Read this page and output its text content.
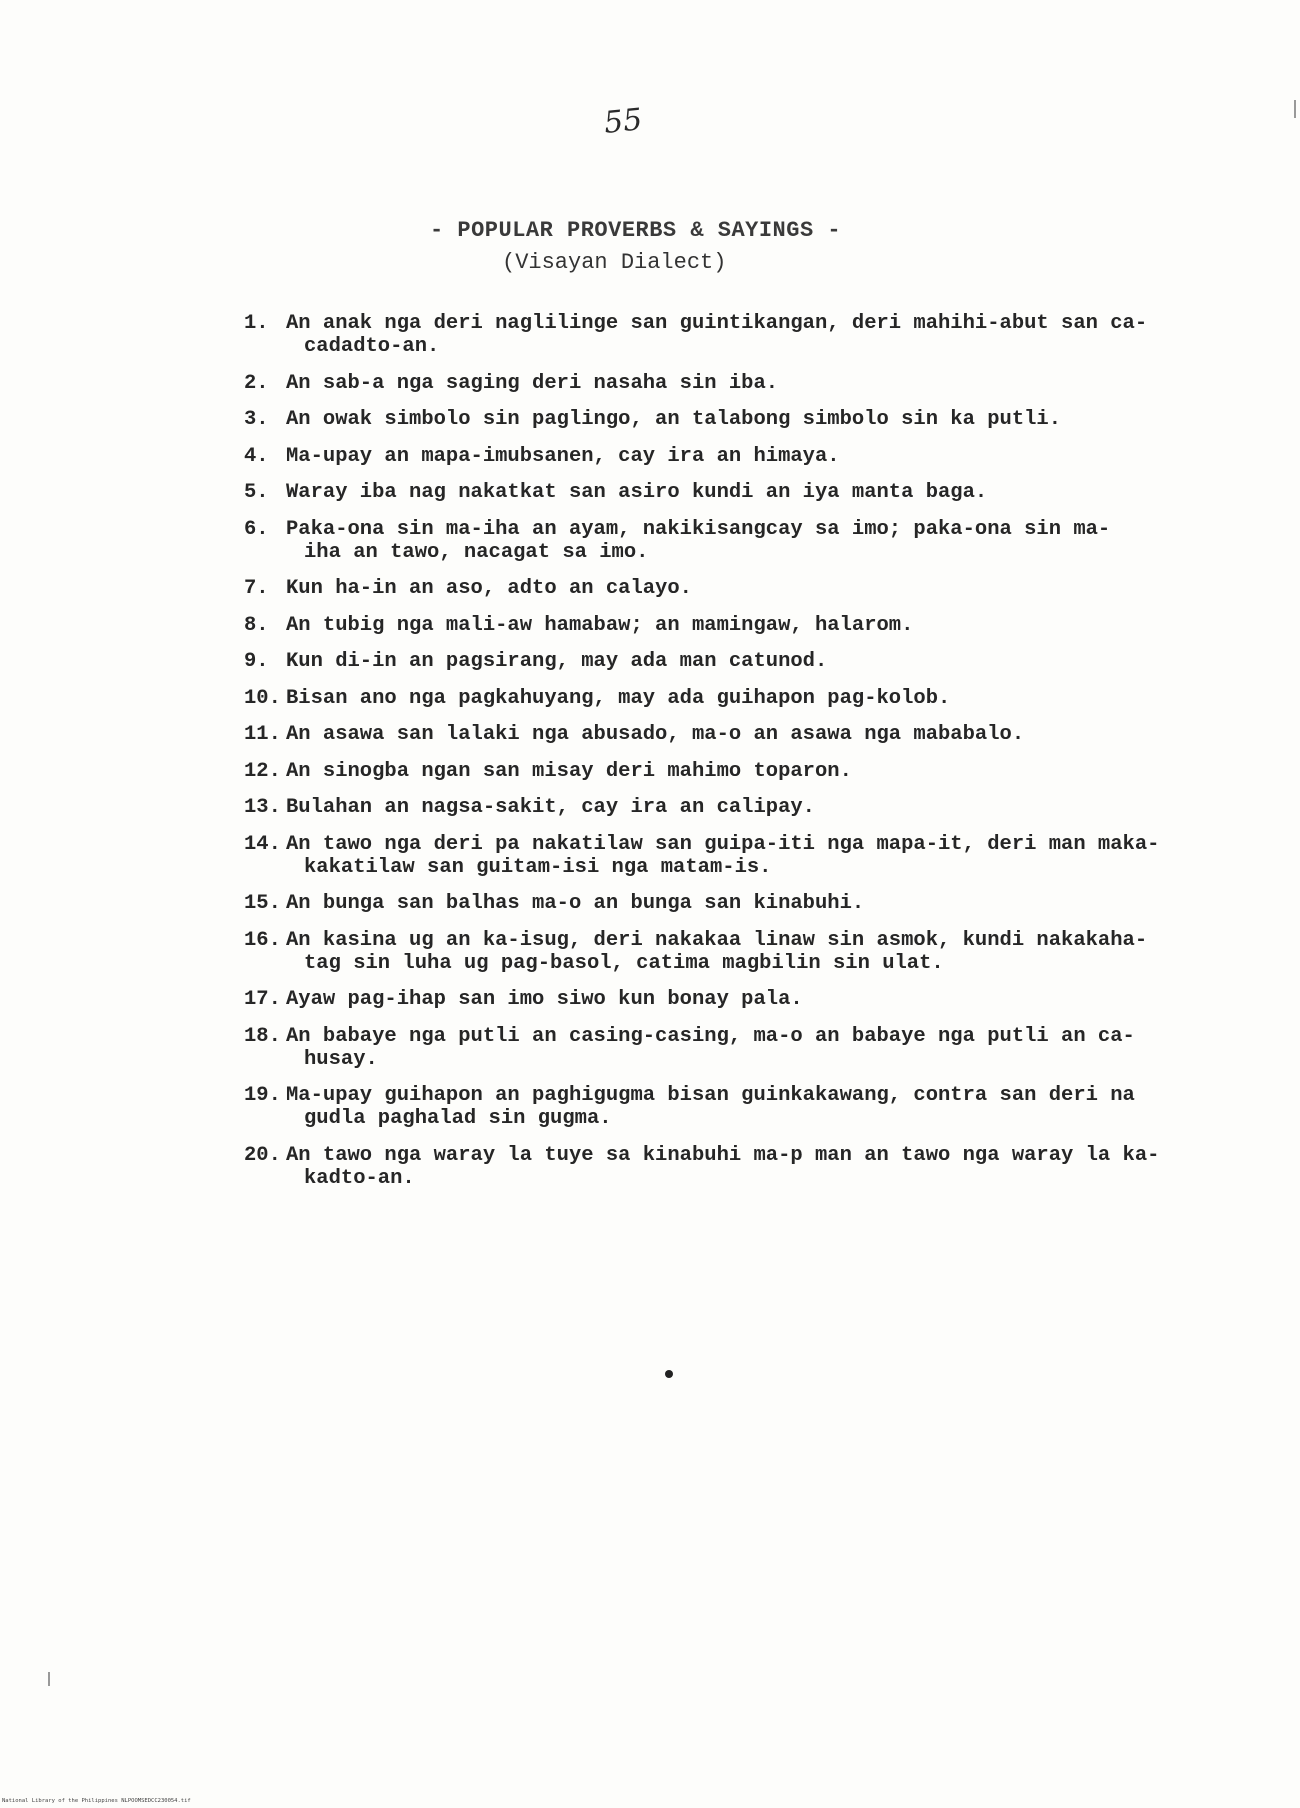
55
- POPULAR PROVERBS & SAYINGS -
(Visayan Dialect)
1. An anak nga deri naglilinge san guintikangan, deri mahihi-abut san ca-
cadadto-an.
2. An sab-a nga saging deri nasaha sin iba.
3. An owak simbolo sin paglingo, an talabong simbolo sin ka putli.
4. Ma-upay an mapa-imubsanen, cay ira an himaya.
5. Waray iba nag nakatkat san asiro kundi an iya manta baga.
6. Paka-ona sin ma-iha an ayam, nakikisangcay sa imo; paka-ona sin ma-
iha an tawo, nacagat sa imo.
7. Kun ha-in an aso, adto an calayo.
8. An tubig nga mali-aw hamabaw; an mamingaw, halarom.
9. Kun di-in an pagsirang, may ada man catunod.
10. Bisan ano nga pagkahuyang, may ada guihapon pag-kolob.
11. An asawa san lalaki nga abusado, ma-o an asawa nga mababalo.
12. An sinogba ngan san misay deri mahimo toparon.
13. Bulahan an nagsa-sakit, cay ira an calipay.
14. An tawo nga deri pa nakatilaw san guipa-iti nga mapa-it, deri man maka-
kakatilaw san guitam-isi nga matam-is.
15. An bunga san balhas ma-o an bunga san kinabuhi.
16. An kasina ug an ka-isug, deri nakakaa linaw sin asmok, kundi nakakaha-
tag sin luha ug pag-basol, catima magbilin sin ulat.
17. Ayaw pag-ihap san imo siwo kun bonay pala.
18. An babaye nga putli an casing-casing, ma-o an babaye nga putli an ca-
husay.
19. Ma-upay guihapon an paghigugma bisan guinkakawang, contra san deri na
gudla paghalad sin gugma.
20. An tawo nga waray la tuye sa kinabuhi ma-p man an tawo nga waray la ka-
kadto-an.
National Library of the Philippines NLPOOMSEDCC230054.tif
